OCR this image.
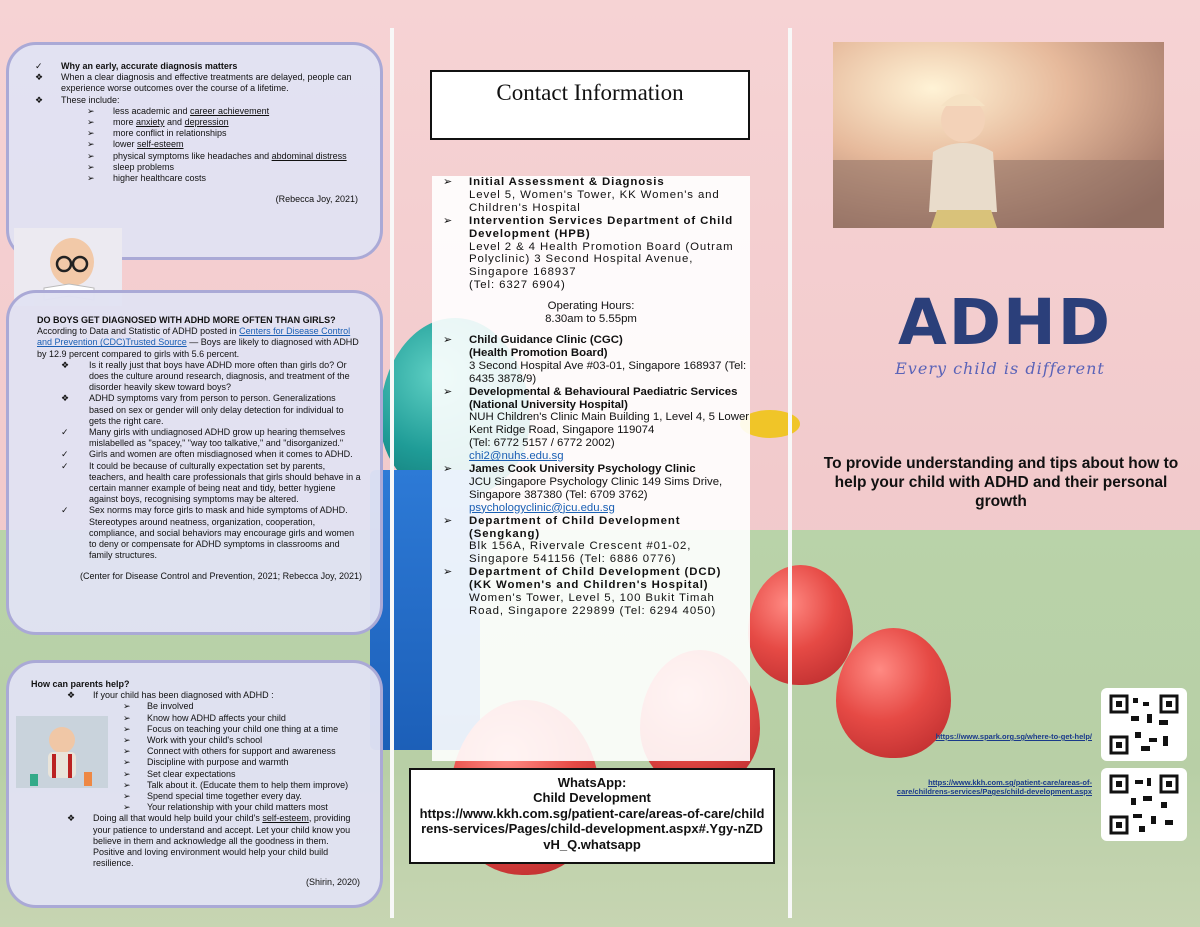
✓ Why an early, accurate diagnosis matters
❖ When a clear diagnosis and effective treatments are delayed, people can experience worse outcomes over the course of a lifetime.
❖ These include:
➢ less academic and career achievement
➢ more anxiety and depression
➢ more conflict in relationships
➢ lower self-esteem
➢ physical symptoms like headaches and abdominal distress
➢ sleep problems
➢ higher healthcare costs
(Rebecca Joy, 2021)
DO BOYS GET DIAGNOSED WITH ADHD MORE OFTEN THAN GIRLS?
According to Data and Statistic of ADHD posted in Centers for Disease Control and Prevention (CDC)Trusted Source — Boys are likely to diagnosed with ADHD by 12.9 percent compared to girls with 5.6 percent.
❖ Is it really just that boys have ADHD more often than girls do? Or does the culture around research, diagnosis, and treatment of the disorder heavily skew toward boys?
❖ ADHD symptoms vary from person to person. Generalizations based on sex or gender will only delay detection for individual to gets the right care.
✓ Many girls with undiagnosed ADHD grow up hearing themselves mislabelled as "spacey," "way too talkative," and "disorganized."
✓ Girls and women are often misdiagnosed when it comes to ADHD.
✓ It could be because of culturally expectation set by parents, teachers, and health care professionals that girls should behave in a certain manner example of being neat and tidy, better hygiene against boys, recognising symptoms may be altered.
✓ Sex norms may force girls to mask and hide symptoms of ADHD. Stereotypes around neatness, organization, cooperation, compliance, and social behaviors may encourage girls and women to deny or compensate for ADHD symptoms in classrooms and family structures.
(Center for Disease Control and Prevention, 2021; Rebecca Joy, 2021)
How can parents help?
❖ If your child has been diagnosed with ADHD :
➢ Be involved
➢ Know how ADHD affects your child
➢ Focus on teaching your child one thing at a time
➢ Work with your child's school
➢ Connect with others for support and awareness
➢ Discipline with purpose and warmth
➢ Set clear expectations
➢ Talk about it. (Educate them to help them improve)
➢ Spend special time together every day.
➢ Your relationship with your child matters most
❖ Doing all that would help build your child's self-esteem, providing your patience to understand and accept. Let your child know you believe in them and acknowledge all the goodness in them. Positive and loving environment would help your child build resilience.
(Shirin, 2020)
Contact Information
➢ Initial Assessment & Diagnosis
Level 5, Women's Tower, KK Women's and Children's Hospital
➢ Intervention Services Department of Child Development (HPB)
Level 2 & 4 Health Promotion Board (Outram Polyclinic) 3 Second Hospital Avenue, Singapore 168937
(Tel: 6327 6904)
Operating Hours:
8.30am to 5.55pm
➢ Child Guidance Clinic (CGC)
(Health Promotion Board)
3 Second Hospital Ave #03-01, Singapore 168937 (Tel: 6435 3878/9)
➢ Developmental & Behavioural Paediatric Services
(National University Hospital)
NUH Children's Clinic Main Building 1, Level 4, 5 Lower Kent Ridge Road, Singapore 119074
(Tel: 6772 5157 / 6772 2002)
chi2@nuhs.edu.sg
➢ James Cook University Psychology Clinic
JCU Singapore Psychology Clinic 149 Sims Drive, Singapore 387380 (Tel: 6709 3762)
psychologyclinic@jcu.edu.sg
➢ Department of Child Development (Sengkang)
Blk 156A, Rivervale Crescent #01-02, Singapore 541156 (Tel: 6886 0776)
➢ Department of Child Development (DCD)
(KK Women's and Children's Hospital)
Women's Tower, Level 5, 100 Bukit Timah Road, Singapore 229899 (Tel: 6294 4050)
WhatsApp:
Child Development
https://www.kkh.com.sg/patient-care/areas-of-care/childrens-services/Pages/child-development.aspx#.Ygy-nZDvH_Q.whatsapp
ADHD
Every child is different
To provide understanding and tips about how to help your child with ADHD and their personal growth
https://www.spark.org.sg/where-to-get-help/
https://www.kkh.com.sg/patient-care/areas-of-care/childrens-services/Pages/child-development.aspx
